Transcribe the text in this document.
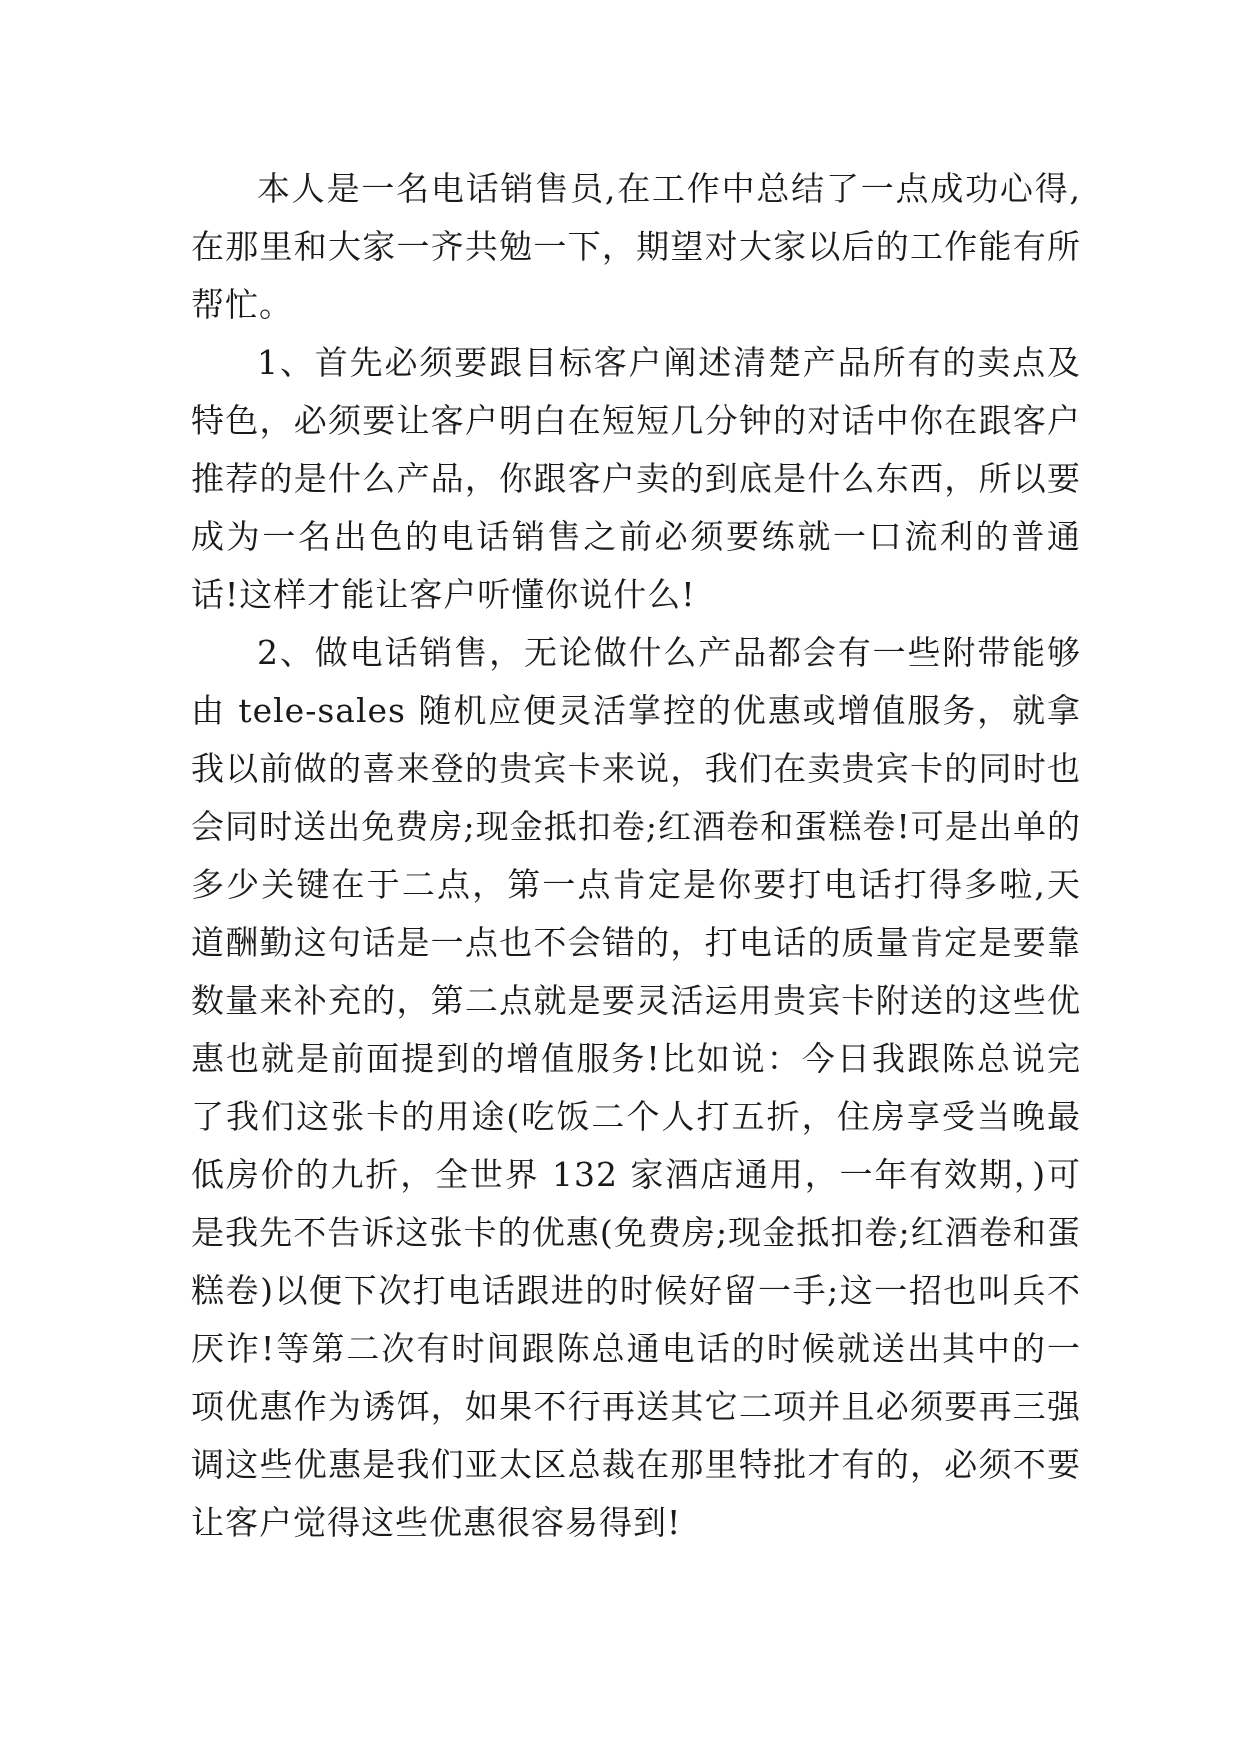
本人是一名电话销售员,在工作中总结了一点成功心得,在那里和大家一齐共勉一下，期望对大家以后的工作能有所帮忙。

1、首先必须要跟目标客户阐述清楚产品所有的卖点及特色，必须要让客户明白在短短几分钟的对话中你在跟客户推荐的是什么产品，你跟客户卖的到底是什么东西，所以要成为一名出色的电话销售之前必须要练就一口流利的普通话!这样才能让客户听懂你说什么!

2、做电话销售，无论做什么产品都会有一些附带能够由 tele-sales 随机应便灵活掌控的优惠或增值服务，就拿我以前做的喜来登的贵宾卡来说，我们在卖贵宾卡的同时也会同时送出免费房;现金抵扣卷;红酒卷和蛋糕卷!可是出单的多少关键在于二点，第一点肯定是你要打电话打得多啦,天道酬勤这句话是一点也不会错的，打电话的质量肯定是要靠数量来补充的，第二点就是要灵活运用贵宾卡附送的这些优惠也就是前面提到的增值服务!比如说：今日我跟陈总说完了我们这张卡的用途(吃饭二个人打五折，住房享受当晚最低房价的九折，全世界 132 家酒店通用，一年有效期，)可是我先不告诉这张卡的优惠(免费房;现金抵扣卷;红酒卷和蛋糕卷)以便下次打电话跟进的时候好留一手;这一招也叫兵不厌诈!等第二次有时间跟陈总通电话的时候就送出其中的一项优惠作为诱饵，如果不行再送其它二项并且必须要再三强调这些优惠是我们亚太区总裁在那里特批才有的，必须不要让客户觉得这些优惠很容易得到!
